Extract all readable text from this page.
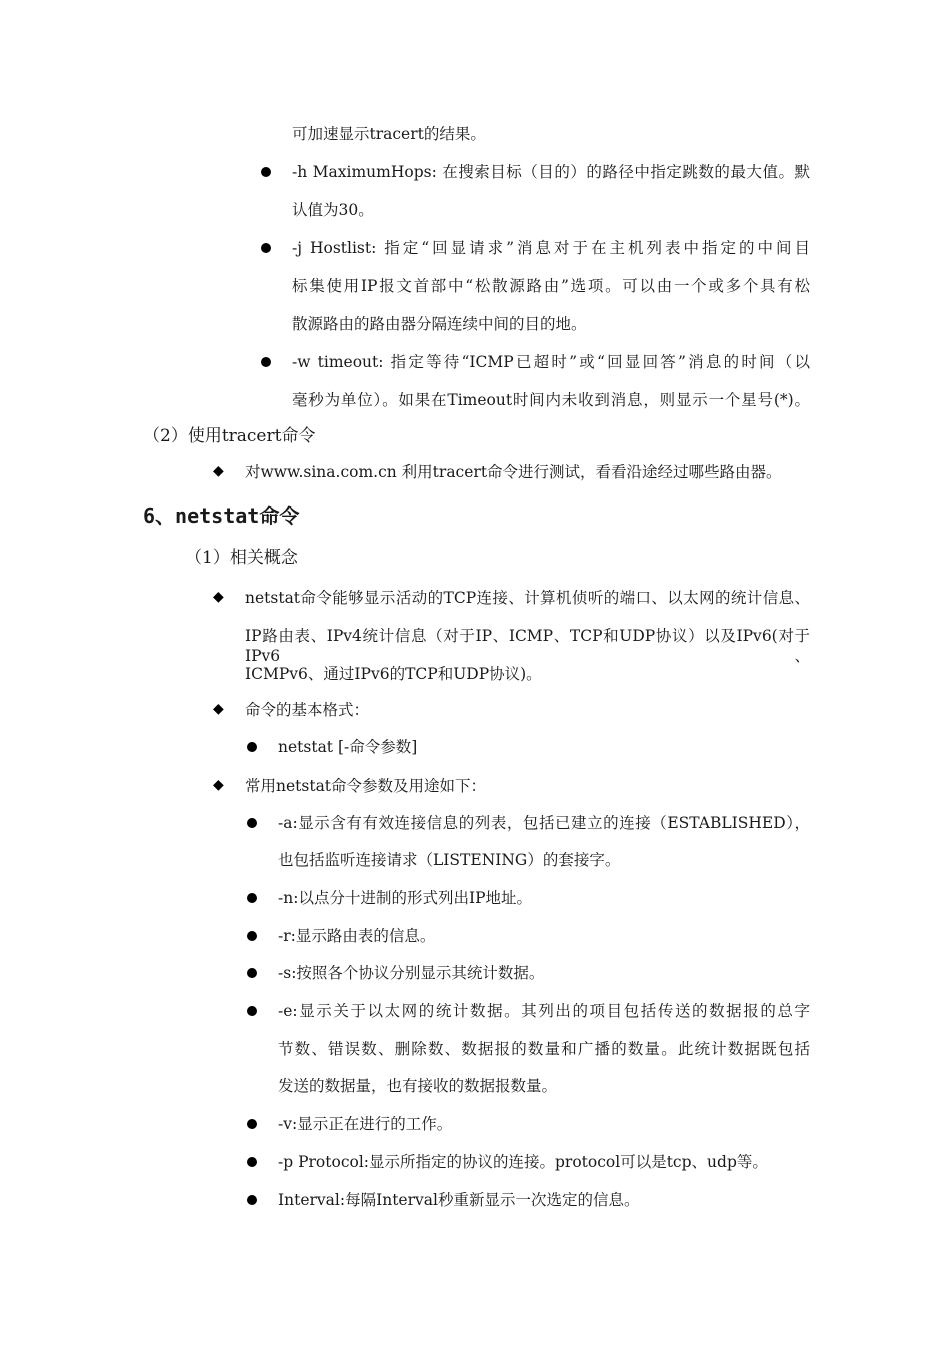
可加速显示tracert的结果。
-h MaximumHops: 在搜索目标（目的）的路径中指定跳数的最大值。默
认值为30。
-j Hostlist: 指定“回显请求”消息对于在主机列表中指定的中间目
标集使用IP报文首部中“松散源路由”选项。可以由一个或多个具有松
散源路由的路由器分隔连续中间的目的地。
-w timeout: 指定等待“ICMP已超时”或“回显回答”消息的时间（以
毫秒为单位）。如果在Timeout时间内未收到消息，则显示一个星号(*)。
（2）使用tracert命令
◆ 对www.sina.com.cn 利用tracert命令进行测试，看看沿途经过哪些路由器。
6、netstat命令
（1）相关概念
◆ netstat命令能够显示活动的TCP连接、计算机侦听的端口、以太网的统计信息、
IP路由表、IPv4统计信息（对于IP、ICMP、TCP和UDP协议）以及IPv6(对于IPv6、
ICMPv6、通过IPv6的TCP和UDP协议)。
◆ 命令的基本格式：
netstat [-命令参数]
◆ 常用netstat命令参数及用途如下：
-a:显示含有有效连接信息的列表，包括已建立的连接（ESTABLISHED），
也包括监听连接请求（LISTENING）的套接字。
-n:以点分十进制的形式列出IP地址。
-r:显示路由表的信息。
-s:按照各个协议分别显示其统计数据。
-e:显示关于以太网的统计数据。其列出的项目包括传送的数据报的总字
节数、错误数、删除数、数据报的数量和广播的数量。此统计数据既包括
发送的数据量，也有接收的数据报数量。
-v:显示正在进行的工作。
-p Protocol:显示所指定的协议的连接。protocol可以是tcp、udp等。
Interval:每隔Interval秒重新显示一次选定的信息。
